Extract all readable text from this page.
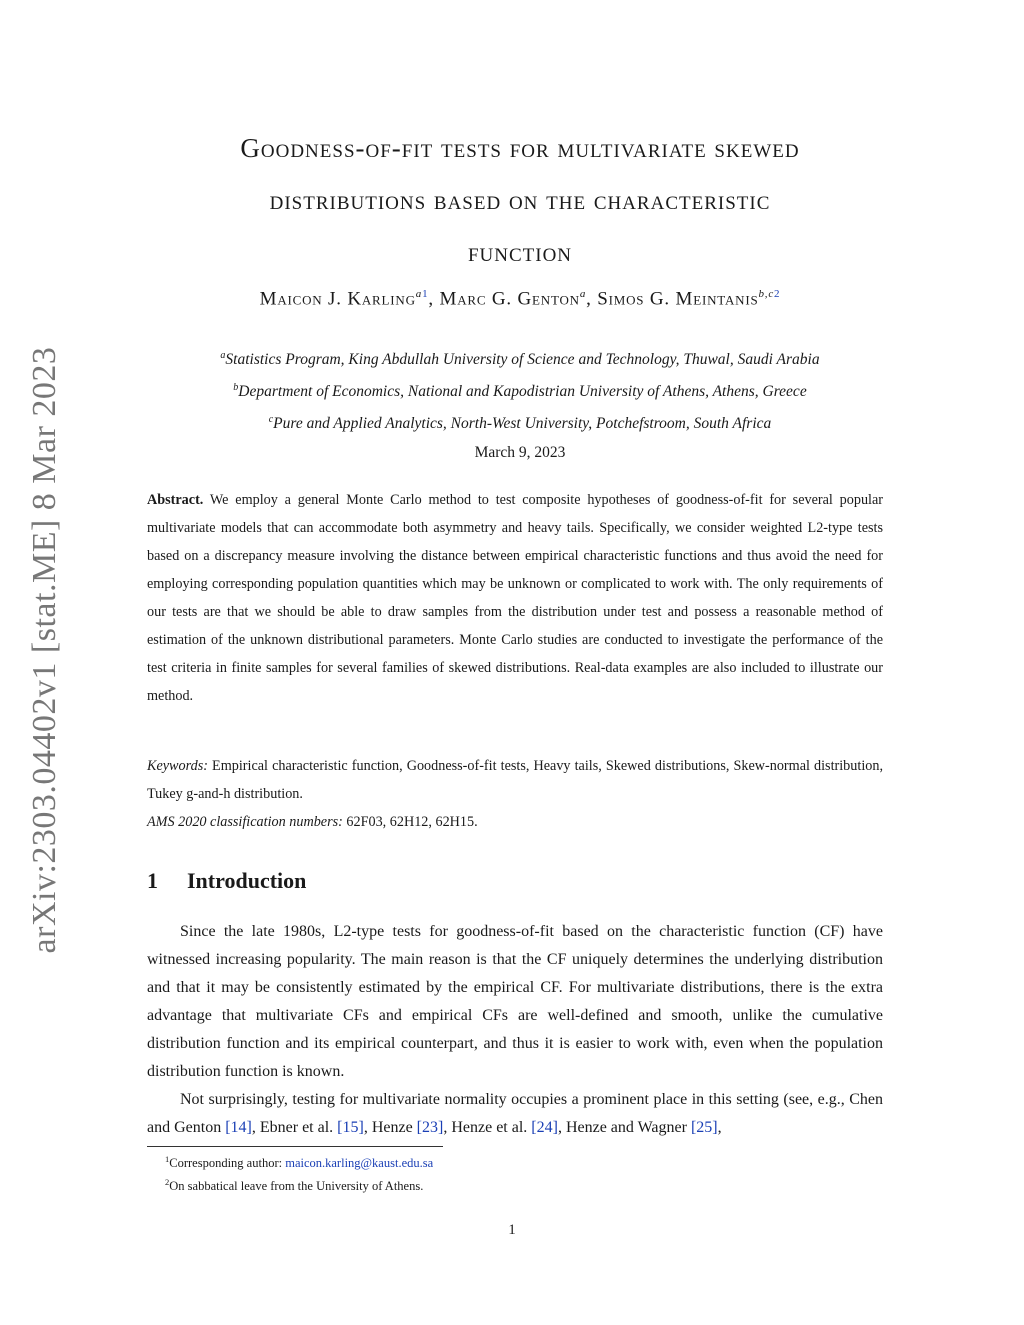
arXiv:2303.04402v1 [stat.ME] 8 Mar 2023
Goodness-of-fit tests for multivariate skewed
distributions based on the characteristic
function
Maicon J. Karling$^{a1}$, Marc G. Genton$^a$, Simos G. Meintanis$^{b,c2}$
$^a$Statistics Program, King Abdullah University of Science and Technology, Thuwal, Saudi Arabia
$^b$Department of Economics, National and Kapodistrian University of Athens, Athens, Greece
$^c$Pure and Applied Analytics, North-West University, Potchefstroom, South Africa
March 9, 2023
Abstract. We employ a general Monte Carlo method to test composite hypotheses of goodness-of-fit for several popular multivariate models that can accommodate both asymmetry and heavy tails. Specifically, we consider weighted L2-type tests based on a discrepancy measure involving the distance between empirical characteristic functions and thus avoid the need for employing corresponding population quantities which may be unknown or complicated to work with. The only requirements of our tests are that we should be able to draw samples from the distribution under test and possess a reasonable method of estimation of the unknown distributional parameters. Monte Carlo studies are conducted to investigate the performance of the test criteria in finite samples for several families of skewed distributions. Real-data examples are also included to illustrate our method.
Keywords: Empirical characteristic function, Goodness-of-fit tests, Heavy tails, Skewed distributions, Skew-normal distribution, Tukey g-and-h distribution.
AMS 2020 classification numbers: 62F03, 62H12, 62H15.
1 Introduction

Since the late 1980s, L2-type tests for goodness-of-fit based on the characteristic function (CF) have witnessed increasing popularity. The main reason is that the CF uniquely determines the underlying distribution and that it may be consistently estimated by the empirical CF. For multivariate distributions, there is the extra advantage that multivariate CFs and empirical CFs are well-defined and smooth, unlike the cumulative distribution function and its empirical counterpart, and thus it is easier to work with, even when the population distribution function is known.

Not surprisingly, testing for multivariate normality occupies a prominent place in this setting (see, e.g., Chen and Genton [14], Ebner et al. [15], Henze [23], Henze et al. [24], Henze and Wagner [25],

$^1$Corresponding author: maicon.karling@kaust.edu.sa
$^2$On sabbatical leave from the University of Athens.
1
